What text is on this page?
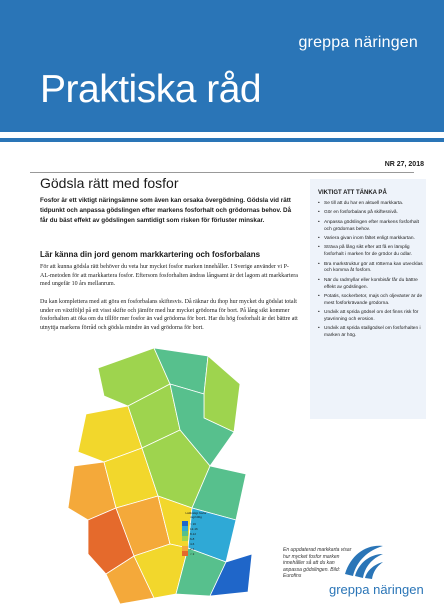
greppa näringen
Praktiska råd
NR 27, 2018
Gödsla rätt med fosfor

Fosfor är ett viktigt näringsämne som även kan orsaka övergödning. Gödsla vid rätt tidpunkt och anpassa gödslingen efter markens fosforhalt och grödornas behov. Då får du bäst effekt av gödslingen samtidigt som risken för förluster minskar.

Lär känna din jord genom markkartering och fosforbalans

För att kunna gödsla rätt behöver du veta hur mycket fosfor marken innehåller. I Sverige använder vi P-AL-metoden för att markkartera fosfor. Eftersom fosforhalten ändras långsamt är det lagom att markkartera med ungefär 10 års mellanrum.

Du kan komplettera med att göra en fosforbalans skiftesvis. Då räknar du ihop hur mycket du gödslat totalt under en växtföljd på ett visst skifte och jämför med hur mycket grödorna för bort. På lång sikt kommer fosforhalten att öka om du tillför mer fosfor än vad grödorna för bort. Har du hög fosforhalt är det bättre att utnyttja markens förråd och gödsla mindre än vad grödorna för bort.

Lättlösligt fosfor mg/100g
> 16
12-16
8-12
6-8
4-6
2-4
< 2

En uppdaterad markkarta visar hur mycket fosfor marken innehåller så att du kan anpassa gödslingen. Bild: Eurofins

VIKTIGT ATT TÄNKA PÅ
• Se till att du har en aktuell markkarta.
• Gör en fosforbalans på skiftesnivå.
• Anpassa gödslingen efter markens fosforhalt och grödornas behov.
• Variera givan inom fältet enligt markkartan.
• Sträva på lång sikt efter att få en lämplig fosforhalt i marken för de grödor du odlar.
• Bra markstruktur gör att rötterna kan utvecklas och komma åt fosforn.
• När du radmyllar eller kombisår får du bättre effekt av gödslingen.
• Potatis, sockerbetor, majs och oljeväxter är de mest fosforkrävande grödorna.
• Undvik att sprida gödsel om det finns risk för ytavrinning och erosion.
• Undvik att sprida stallgödsel om fosforhalten i marken är hög.
greppa näringen
